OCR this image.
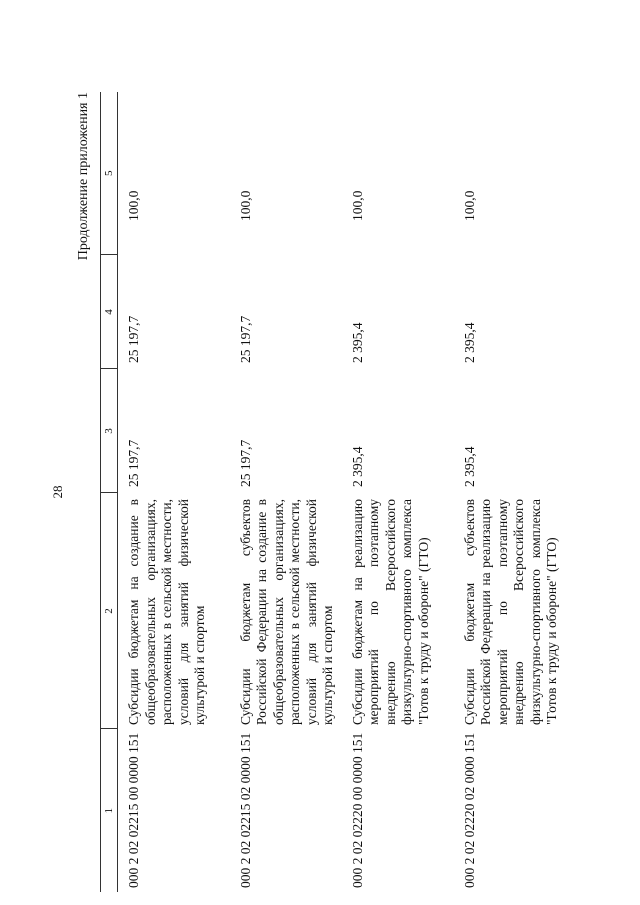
28
Продолжение приложения 1
1	2	3	4	5
000 2 02 02215 00 0000 151	Субсидии бюджетам на создание в общеобразовательных организациях, расположенных в сельской местности, условий для занятий физической культурой и спортом	25 197,7	25 197,7	100,0
000 2 02 02215 02 0000 151	Субсидии бюджетам субъектов Российской Федерации на создание в общеобразовательных организациях, расположенных в сельской местности, условий для занятий физической культурой и спортом	25 197,7	25 197,7	100,0
000 2 02 02220 00 0000 151	Субсидии бюджетам на реализацию мероприятий по поэтапному внедрению Всероссийского физкультурно-спортивного комплекса "Готов к труду и обороне" (ГТО)	2 395,4	2 395,4	100,0
000 2 02 02220 02 0000 151	Субсидии бюджетам субъектов Российской Федерации на реализацию мероприятий по поэтапному внедрению Всероссийского физкультурно-спортивного комплекса "Готов к труду и обороне" (ГТО)	2 395,4	2 395,4	100,0
